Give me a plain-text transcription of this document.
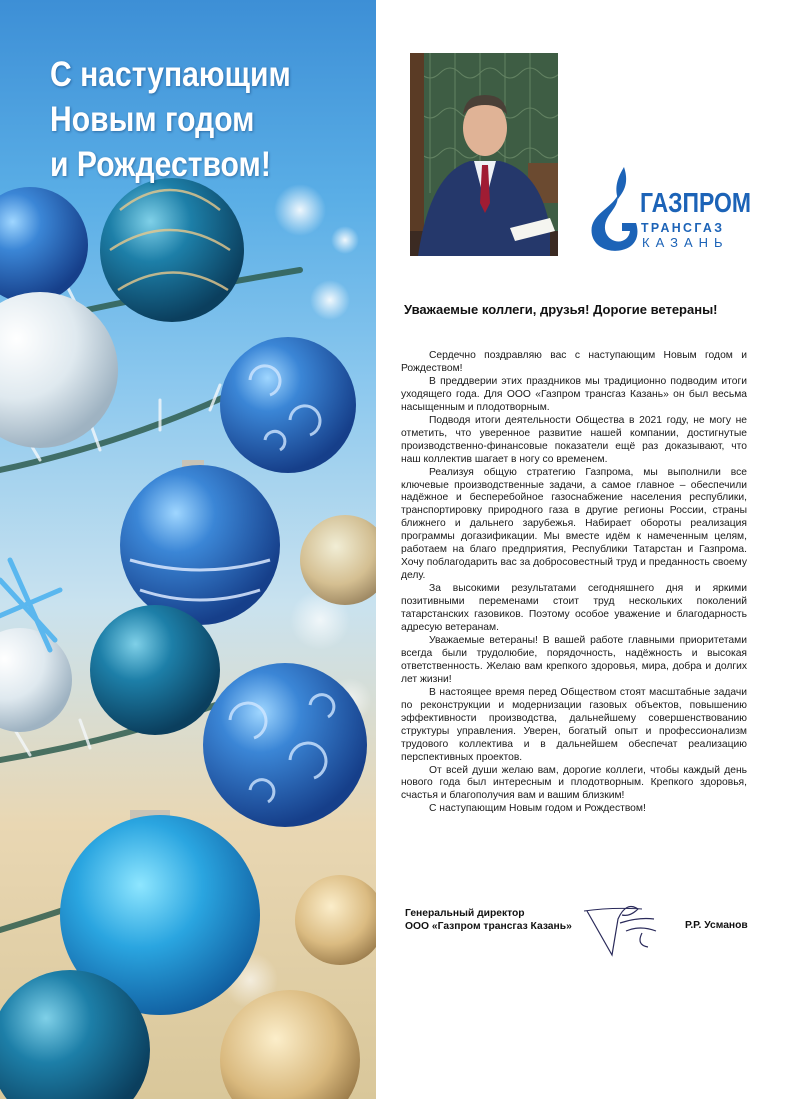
С наступающим
Новым годом
и Рождеством!
ГАЗПРОМ
ТРАНСГАЗ
КАЗАНЬ
Уважаемые коллеги, друзья! Дорогие ветераны!

Сердечно поздравляю вас с наступающим Новым годом и Рождеством!

В преддверии этих праздников мы традиционно подводим итоги уходящего года. Для ООО «Газпром трансгаз Казань» он был весьма насыщенным и плодотворным.

Подводя итоги деятельности Общества в 2021 году, не могу не отметить, что уверенное развитие нашей компании, достигнутые производственно-финансовые показатели ещё раз доказывают, что наш коллектив шагает в ногу со временем.

Реализуя общую стратегию Газпрома, мы выполнили все ключевые производственные задачи, а самое главное – обеспечили надёжное и бесперебойное газоснабжение населения республики, транспортировку природного газа в другие регионы России, страны ближнего и дальнего зарубежья. Набирает обороты реализация программы догазификации. Мы вместе идём к намеченным целям, работаем на благо предприятия, Республики Татарстан и Газпрома. Хочу поблагодарить вас за добросовестный труд и преданность своему делу.

За высокими результатами сегодняшнего дня и яркими позитивными переменами стоит труд нескольких поколений татарстанских газовиков. Поэтому особое уважение и благодарность адресую ветеранам.

Уважаемые ветераны! В вашей работе главными приоритетами всегда были трудолюбие, порядочность, надёжность и высокая ответственность. Желаю вам крепкого здоровья, мира, добра и долгих лет жизни!

В настоящее время перед Обществом стоят масштабные задачи по реконструкции и модернизации газовых объектов, повышению эффективности производства, дальнейшему совершенствованию структуры управления. Уверен, богатый опыт и профессионализм трудового коллектива и в дальнейшем обеспечат реализацию перспективных проектов.

От всей души желаю вам, дорогие коллеги, чтобы каждый день нового года был интересным и плодотворным. Крепкого здоровья, счастья и благополучия вам и вашим близким!

С наступающим Новым годом и Рождеством!

Генеральный директор
ООО «Газпром трансгаз Казань»	Р.Р. Усманов
